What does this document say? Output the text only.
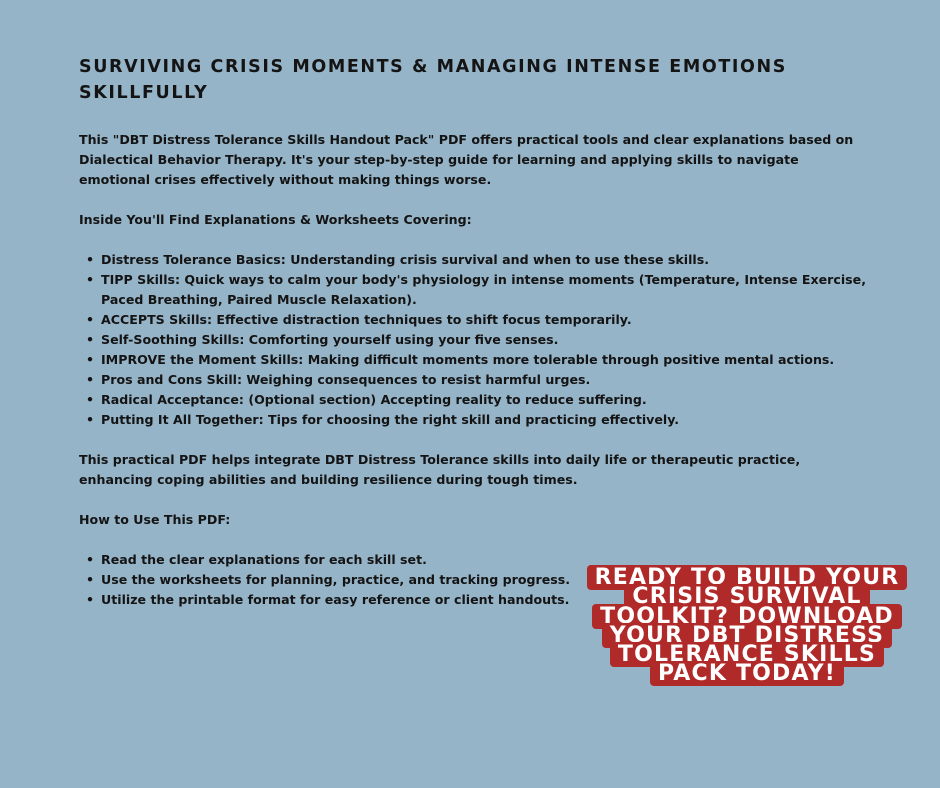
SURVIVING CRISIS MOMENTS & MANAGING INTENSE EMOTIONS SKILLFULLY

This "DBT Distress Tolerance Skills Handout Pack" PDF offers practical tools and clear explanations based on Dialectical Behavior Therapy. It's your step-by-step guide for learning and applying skills to navigate emotional crises effectively without making things worse.

Inside You'll Find Explanations & Worksheets Covering:

• Distress Tolerance Basics: Understanding crisis survival and when to use these skills.
• TIPP Skills: Quick ways to calm your body's physiology in intense moments (Temperature, Intense Exercise, Paced Breathing, Paired Muscle Relaxation).
• ACCEPTS Skills: Effective distraction techniques to shift focus temporarily.
• Self-Soothing Skills: Comforting yourself using your five senses.
• IMPROVE the Moment Skills: Making difficult moments more tolerable through positive mental actions.
• Pros and Cons Skill: Weighing consequences to resist harmful urges.
• Radical Acceptance: (Optional section) Accepting reality to reduce suffering.
• Putting It All Together: Tips for choosing the right skill and practicing effectively.

This practical PDF helps integrate DBT Distress Tolerance skills into daily life or therapeutic practice, enhancing coping abilities and building resilience during tough times.

How to Use This PDF:

• Read the clear explanations for each skill set.
• Use the worksheets for planning, practice, and tracking progress.
• Utilize the printable format for easy reference or client handouts.
READY TO BUILD YOUR CRISIS SURVIVAL TOOLKIT? DOWNLOAD YOUR DBT DISTRESS TOLERANCE SKILLS PACK TODAY!
